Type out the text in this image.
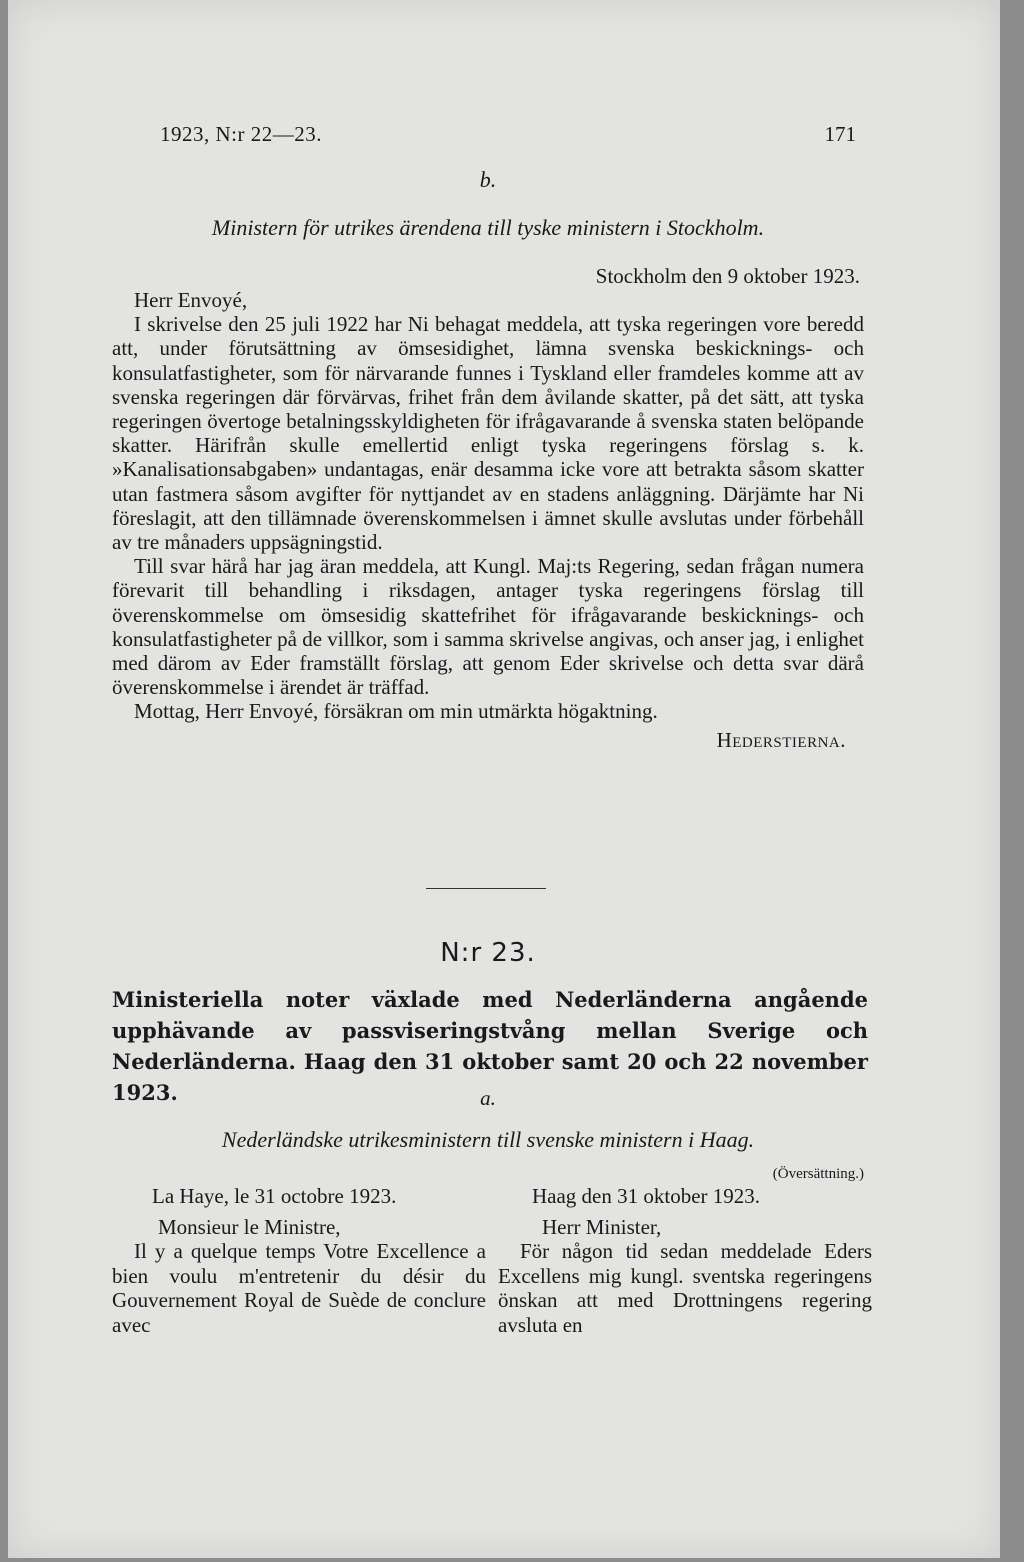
1923, N:r 22—23.	171
b.
Ministern för utrikes ärendena till tyske ministern i Stockholm.
Stockholm den 9 oktober 1923.

Herr Envoyé,

I skrivelse den 25 juli 1922 har Ni behagat meddela, att tyska regeringen vore beredd att, under förutsättning av ömsesidighet, lämna svenska beskicknings- och konsulatfastigheter, som för närvarande funnes i Tyskland eller framdeles komme att av svenska regeringen där förvärvas, frihet från dem åvilande skatter, på det sätt, att tyska regeringen övertoge betalningsskyldigheten för ifrågavarande å svenska staten belöpande skatter. Härifrån skulle emellertid enligt tyska regeringens förslag s. k. »Kanalisationsabgaben» undantagas, enär desamma icke vore att betrakta såsom skatter utan fastmera såsom avgifter för nyttjandet av en stadens anläggning. Därjämte har Ni föreslagit, att den tillämnade överenskommelsen i ämnet skulle avslutas under förbehåll av tre månaders uppsägningstid.

Till svar härå har jag äran meddela, att Kungl. Maj:ts Regering, sedan frågan numera förevarit till behandling i riksdagen, antager tyska regeringens förslag till överenskommelse om ömsesidig skattefrihet för ifrågavarande beskicknings- och konsulatfastigheter på de villkor, som i samma skrivelse angivas, och anser jag, i enlighet med därom av Eder framställt förslag, att genom Eder skrivelse och detta svar därå överenskommelse i ärendet är träffad.

Mottag, Herr Envoyé, försäkran om min utmärkta högaktning.

Hederstierna.

N:r 23.
Ministeriella noter växlade med Nederländerna angående upphävande av passviseringstvång mellan Sverige och Nederländerna. Haag den 31 oktober samt 20 och 22 november 1923.	a.
Nederländske utrikesministern till svenske ministern i Haag.

La Haye, le 31 octobre 1923.

Monsieur le Ministre,

Il y a quelque temps Votre Excellence a bien voulu m'entretenir du désir du Gouvernement Royal de Suède de conclure avec

(Översättning.)

Haag den 31 oktober 1923.

Herr Minister,

För någon tid sedan meddelade Eders Excellens mig kungl. sventska regeringens önskan att med Drottningens regering avsluta en
